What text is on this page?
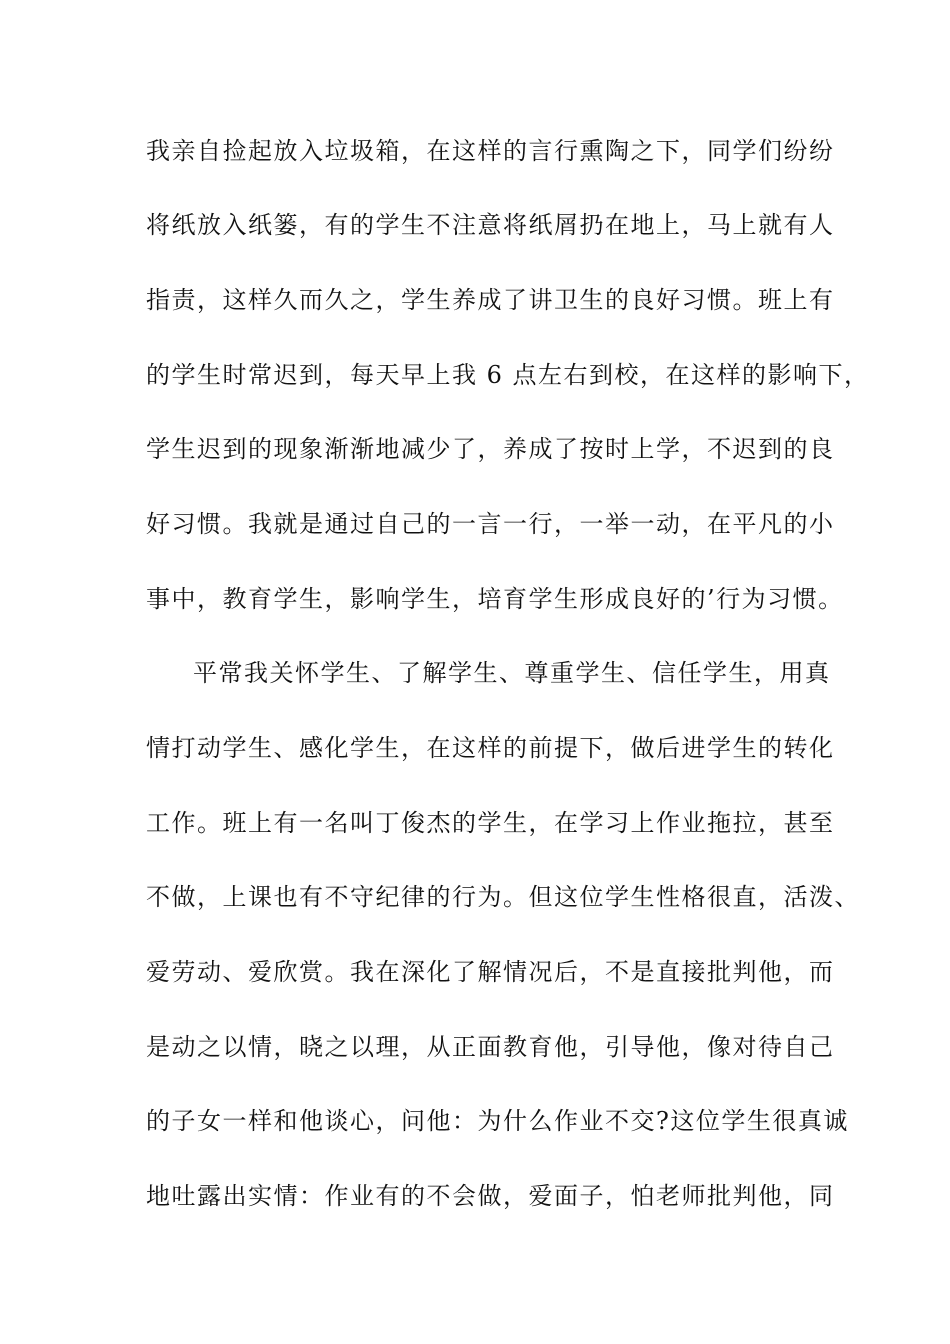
我亲自捡起放入垃圾箱，在这样的言行熏陶之下，同学们纷纷
将纸放入纸篓，有的学生不注意将纸屑扔在地上，马上就有人
指责，这样久而久之，学生养成了讲卫生的良好习惯。班上有
的学生时常迟到，每天早上我 6 点左右到校，在这样的影响下，
学生迟到的现象渐渐地减少了，养成了按时上学，不迟到的良
好习惯。我就是通过自己的一言一行，一举一动，在平凡的小
事中，教育学生，影响学生，培育学生形成良好的’行为习惯。
平常我关怀学生、了解学生、尊重学生、信任学生，用真
情打动学生、感化学生，在这样的前提下，做后进学生的转化
工作。班上有一名叫丁俊杰的学生，在学习上作业拖拉，甚至
不做，上课也有不守纪律的行为。但这位学生性格很直，活泼、
爱劳动、爱欣赏。我在深化了解情况后，不是直接批判他，而
是动之以情，晓之以理，从正面教育他，引导他，像对待自己
的子女一样和他谈心，问他：为什么作业不交?这位学生很真诚
地吐露出实情：作业有的不会做，爱面子，怕老师批判他，同
